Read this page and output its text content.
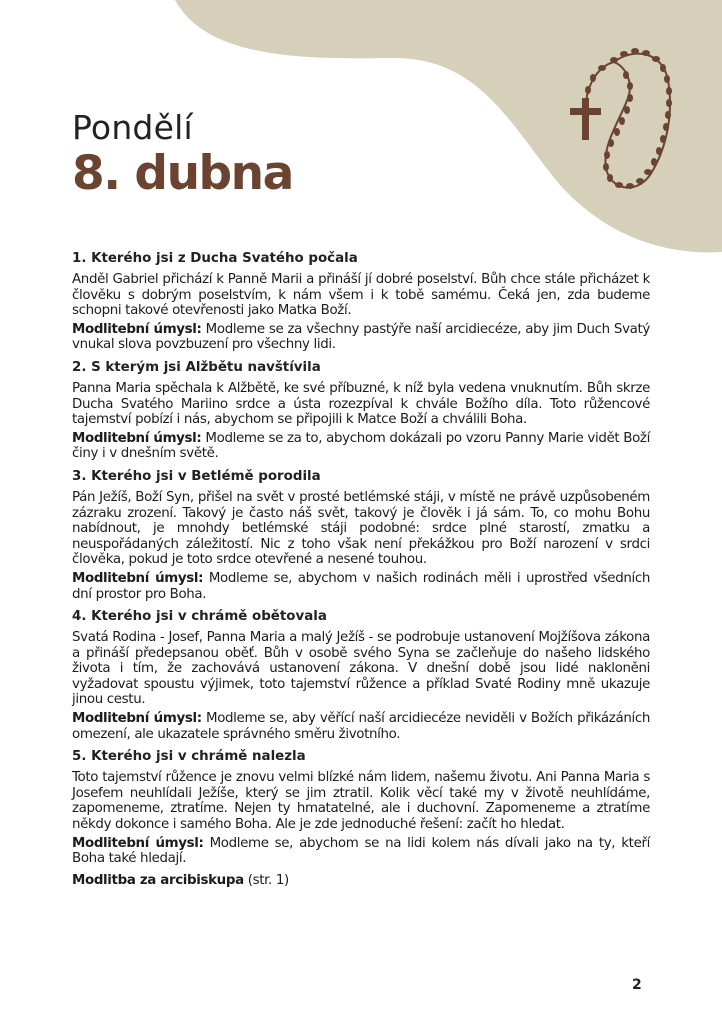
Pondělí
8. dubna
1. Kterého jsi z Ducha Svatého počala

Anděl Gabriel přichází k Panně Marii a přináší jí dobré poselství. Bůh chce stále přicházet k člověku s dobrým poselstvím, k nám všem i k tobě samému. Čeká jen, zda budeme schopni takové otevřenosti jako Matka Boží.

Modlitební úmysl: Modleme se za všechny pastýře naší arcidiecéze, aby jim Duch Svatý vnukal slova povzbuzení pro všechny lidi.

2. S kterým jsi Alžbětu navštívila

Panna Maria spěchala k Alžbětě, ke své příbuzné, k níž byla vedena vnuknutím. Bůh skrze Ducha Svatého Mariino srdce a ústa rozezpíval k chvále Božího díla. Toto růžencové tajemství pobízí i nás, abychom se připojili k Matce Boží a chválili Boha.

Modlitební úmysl: Modleme se za to, abychom dokázali po vzoru Panny Marie vidět Boží činy i v dnešním světě.

3. Kterého jsi v Betlémě porodila

Pán Ježíš, Boží Syn, přišel na svět v prosté betlémské stáji, v místě ne právě uzpůsobeném zázraku zrození. Takový je často náš svět, takový je člověk i já sám. To, co mohu Bohu nabídnout, je mnohdy betlémské stáji podobné: srdce plné starostí, zmatku a neuspořádaných záležitostí. Nic z toho však není překážkou pro Boží narození v srdci člověka, pokud je toto srdce otevřené a nesené touhou.

Modlitební úmysl: Modleme se, abychom v našich rodinách měli i uprostřed všedních dní prostor pro Boha.

4. Kterého jsi v chrámě obětovala

Svatá Rodina - Josef, Panna Maria a malý Ježíš - se podrobuje ustanovení Mojžíšova zákona a přináší předepsanou oběť. Bůh v osobě svého Syna se začleňuje do našeho lidského života i tím, že zachovává ustanovení zákona. V dnešní době jsou lidé nakloněni vyžadovat spoustu výjimek, toto tajemství růžence a příklad Svaté Rodiny mně ukazuje jinou cestu.

Modlitební úmysl: Modleme se, aby věřící naší arcidiecéze neviděli v Božích přikázáních omezení, ale ukazatele správného směru životního.

5. Kterého jsi v chrámě nalezla

Toto tajemství růžence je znovu velmi blízké nám lidem, našemu životu. Ani Panna Maria s Josefem neuhlídali Ježíše, který se jim ztratil. Kolik věcí také my v životě neuhlídáme, zapomeneme, ztratíme. Nejen ty hmatatelné, ale i duchovní. Zapomeneme a ztratíme někdy dokonce i samého Boha. Ale je zde jednoduché řešení: začít ho hledat.

Modlitební úmysl: Modleme se, abychom se na lidi kolem nás dívali jako na ty, kteří Boha také hledají.

Modlitba za arcibiskupa (str. 1)

2
